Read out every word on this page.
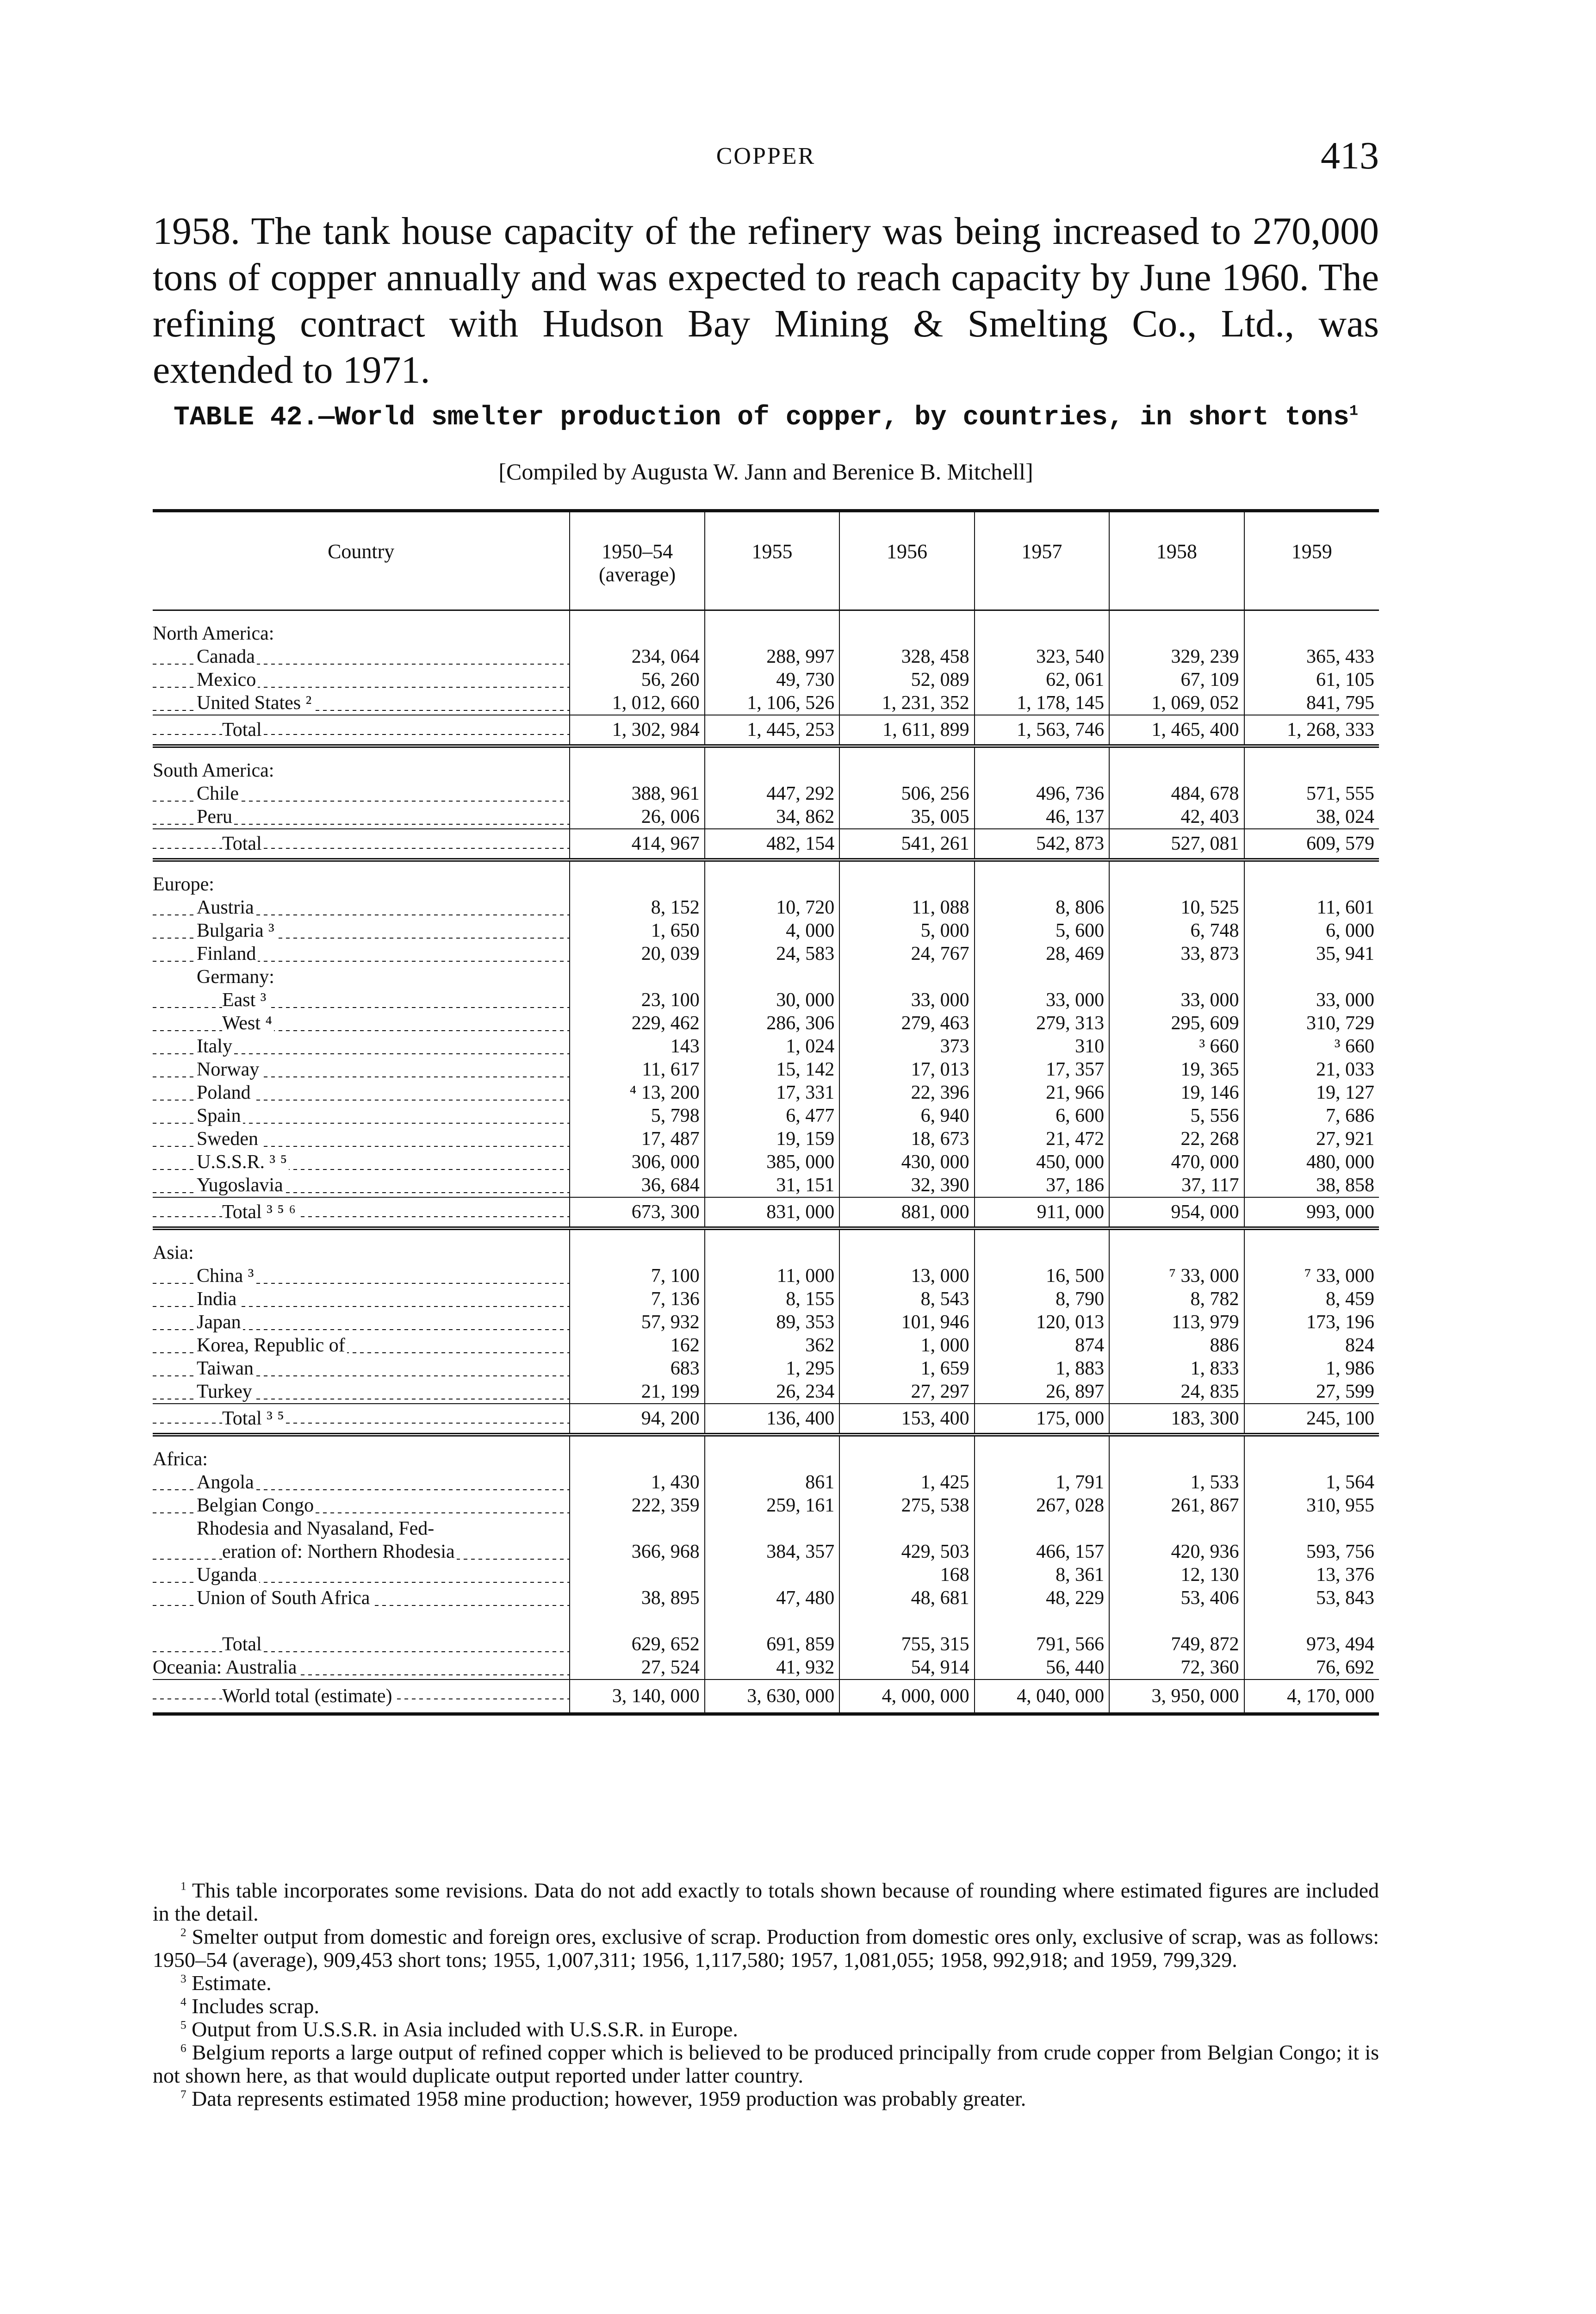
COPPER	413

1958. The tank house capacity of the refinery was being increased to 270,000 tons of copper annually and was expected to reach capacity by June 1960. The refining contract with Hudson Bay Mining & Smelting Co., Ltd., was extended to 1971.

TABLE 42.—World smelter production of copper, by countries, in short tons$^1$

[Compiled by Augusta W. Jann and Berenice B. Mitchell]

Country	1950–54 (average)	1955	1956	1957	1958	1959
North America:						
Canada	234, 064	288, 997	328, 458	323, 540	329, 239	365, 433
Mexico	56, 260	49, 730	52, 089	62, 061	67, 109	61, 105
United States ²	1, 012, 660	1, 106, 526	1, 231, 352	1, 178, 145	1, 069, 052	841, 795
Total	1, 302, 984	1, 445, 253	1, 611, 899	1, 563, 746	1, 465, 400	1, 268, 333
South America:						
Chile	388, 961	447, 292	506, 256	496, 736	484, 678	571, 555
Peru	26, 006	34, 862	35, 005	46, 137	42, 403	38, 024
Total	414, 967	482, 154	541, 261	542, 873	527, 081	609, 579
Europe:						
Austria	8, 152	10, 720	11, 088	8, 806	10, 525	11, 601
Bulgaria ³	1, 650	4, 000	5, 000	5, 600	6, 748	6, 000
Finland	20, 039	24, 583	24, 767	28, 469	33, 873	35, 941
Germany:						
East ³	23, 100	30, 000	33, 000	33, 000	33, 000	33, 000
West ⁴	229, 462	286, 306	279, 463	279, 313	295, 609	310, 729
Italy	143	1, 024	373	310	³ 660	³ 660
Norway	11, 617	15, 142	17, 013	17, 357	19, 365	21, 033
Poland	⁴ 13, 200	17, 331	22, 396	21, 966	19, 146	19, 127
Spain	5, 798	6, 477	6, 940	6, 600	5, 556	7, 686
Sweden	17, 487	19, 159	18, 673	21, 472	22, 268	27, 921
U.S.S.R. ³ ⁵	306, 000	385, 000	430, 000	450, 000	470, 000	480, 000
Yugoslavia	36, 684	31, 151	32, 390	37, 186	37, 117	38, 858
Total ³ ⁵ ⁶	673, 300	831, 000	881, 000	911, 000	954, 000	993, 000
Asia:						
China ³	7, 100	11, 000	13, 000	16, 500	⁷ 33, 000	⁷ 33, 000
India	7, 136	8, 155	8, 543	8, 790	8, 782	8, 459
Japan	57, 932	89, 353	101, 946	120, 013	113, 979	173, 196
Korea, Republic of	162	362	1, 000	874	886	824
Taiwan	683	1, 295	1, 659	1, 883	1, 833	1, 986
Turkey	21, 199	26, 234	27, 297	26, 897	24, 835	27, 599
Total ³ ⁵	94, 200	136, 400	153, 400	175, 000	183, 300	245, 100
Africa:						
Angola	1, 430	861	1, 425	1, 791	1, 533	1, 564
Belgian Congo	222, 359	259, 161	275, 538	267, 028	261, 867	310, 955
Rhodesia and Nyasaland, Fed-						
eration of: Northern Rhodesia	366, 968	384, 357	429, 503	466, 157	420, 936	593, 756
Uganda			168	8, 361	12, 130	13, 376
Union of South Africa	38, 895	47, 480	48, 681	48, 229	53, 406	53, 843

Total	629, 652	691, 859	755, 315	791, 566	749, 872	973, 494
Oceania: Australia	27, 524	41, 932	54, 914	56, 440	72, 360	76, 692
World total (estimate)	3, 140, 000	3, 630, 000	4, 000, 000	4, 040, 000	3, 950, 000	4, 170, 000

$^1$ This table incorporates some revisions. Data do not add exactly to totals shown because of rounding where estimated figures are included in the detail.

$^2$ Smelter output from domestic and foreign ores, exclusive of scrap. Production from domestic ores only, exclusive of scrap, was as follows: 1950–54 (average), 909,453 short tons; 1955, 1,007,311; 1956, 1,117,580; 1957, 1,081,055; 1958, 992,918; and 1959, 799,329.

$^3$ Estimate.

$^4$ Includes scrap.

$^5$ Output from U.S.S.R. in Asia included with U.S.S.R. in Europe.

$^6$ Belgium reports a large output of refined copper which is believed to be produced principally from crude copper from Belgian Congo; it is not shown here, as that would duplicate output reported under latter country.

$^7$ Data represents estimated 1958 mine production; however, 1959 production was probably greater.
